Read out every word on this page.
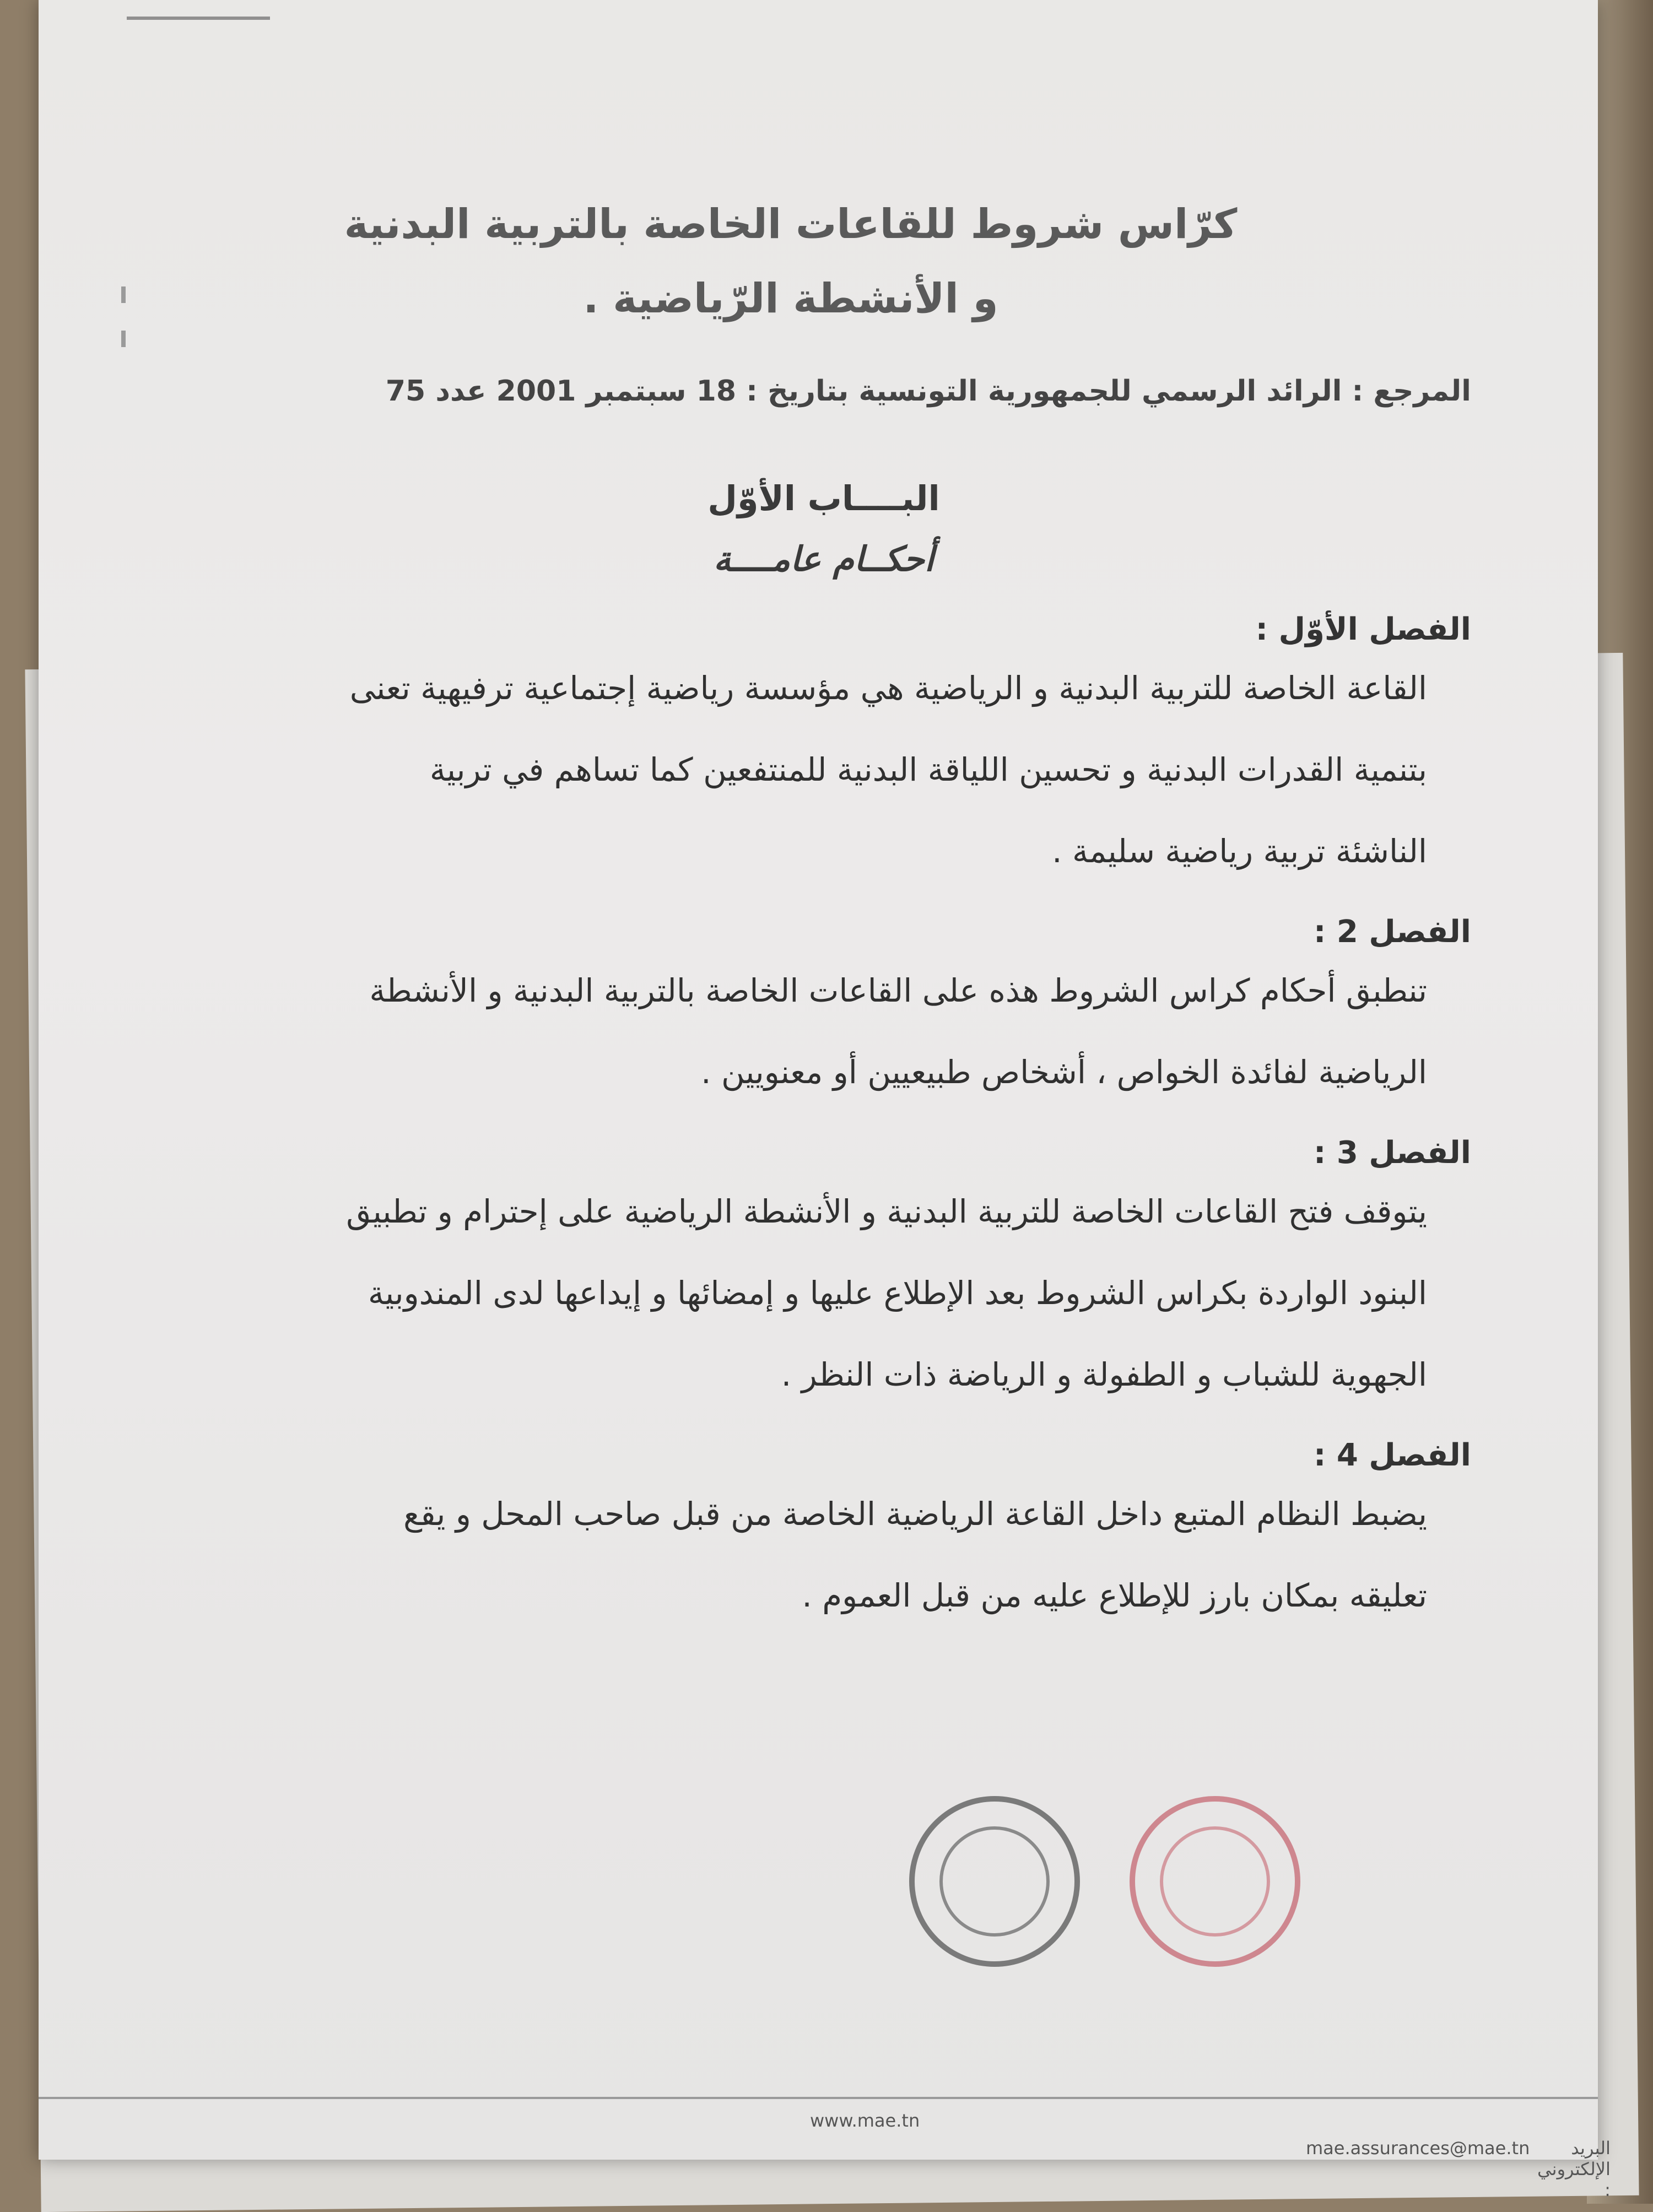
كرّاس شروط للقاعات الخاصة بالتربية البدنية
و الأنشطة الرّياضية .
المرجع : الرائد الرسمي للجمهورية التونسية بتاريخ : 18 سبتمبر 2001 عدد 75
البــــاب الأوّل
أحكــام عامــــة
الفصل الأوّل :

القاعة الخاصة للتربية البدنية و الرياضية هي مؤسسة رياضية إجتماعية ترفيهية تعنى

بتنمية القدرات البدنية و تحسين اللياقة البدنية للمنتفعين كما تساهم في تربية

الناشئة تربية رياضية سليمة .

الفصل 2 :

تنطبق أحكام كراس الشروط هذه على القاعات الخاصة بالتربية البدنية و الأنشطة

الرياضية لفائدة الخواص ، أشخاص طبيعيين أو معنويين .

الفصل 3 :

يتوقف فتح القاعات الخاصة للتربية البدنية و الأنشطة الرياضية على إحترام و تطبيق

البنود الواردة بكراس الشروط بعد الإطلاع عليها و إمضائها و إيداعها لدى المندوبية

الجهوية للشباب و الطفولة و الرياضة ذات النظر .

الفصل 4 :

يضبط النظام المتبع داخل القاعة الرياضية الخاصة من قبل صاحب المحل و يقع

تعليقه بمكان بارز للإطلاع عليه من قبل العموم .

www.mae.tn
mae.assurances@mae.tn	البريد الإلكتروني :
